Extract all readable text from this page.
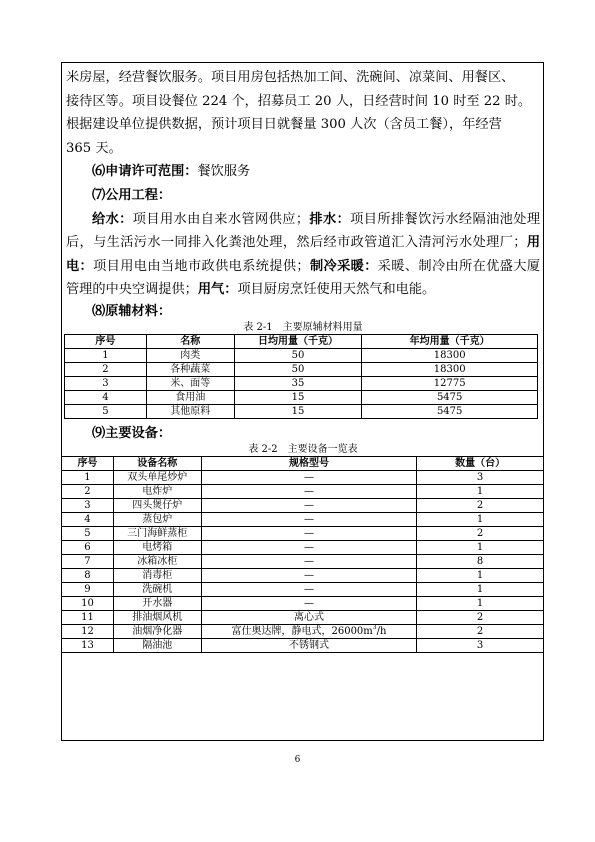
米房屋，经营餐饮服务。项目用房包括热加工间、洗碗间、凉菜间、用餐区、
接待区等。项目设餐位 224 个，招募员工 20 人，日经营时间 10 时至 22 时。
根据建设单位提供数据，预计项目日就餐量 300 人次（含员工餐），年经营
365 天。

⑹申请许可范围：餐饮服务

⑺公用工程：

给水：项目用水由自来水管网供应；排水：项目所排餐饮污水经隔油池处理后，与生活污水一同排入化粪池处理，然后经市政管道汇入清河污水处理厂；用电：项目用电由当地市政供电系统提供；制冷采暖：采暖、制冷由所在优盛大厦管理的中央空调提供；用气：项目厨房烹饪使用天然气和电能。

⑻原辅材料：

表 2-1　主要原辅材料用量

序号	名称	日均用量（千克）	年均用量（千克）
1	肉类	50	18300
2	各种蔬菜	50	18300
3	米、面等	35	12775
4	食用油	15	5475
5	其他原料	15	5475

⑼主要设备：

表 2-2　主要设备一览表

序号	设备名称	规格型号	数量（台）
1	双头单尾炒炉	—	3
2	电炸炉	—	1
3	四头煲仔炉	—	2
4	蒸包炉	—	1
5	三门海鲜蒸柜	—	2
6	电烤箱	—	1
7	冰箱冰柜	—	8
8	消毒柜	—	1
9	洗碗机	—	1
10	开水器	—	1
11	排油烟风机	离心式	2
12	油烟净化器	富仕奥达牌，静电式，$26000m^3/h$	2
13	隔油池	不锈钢式	3
6
